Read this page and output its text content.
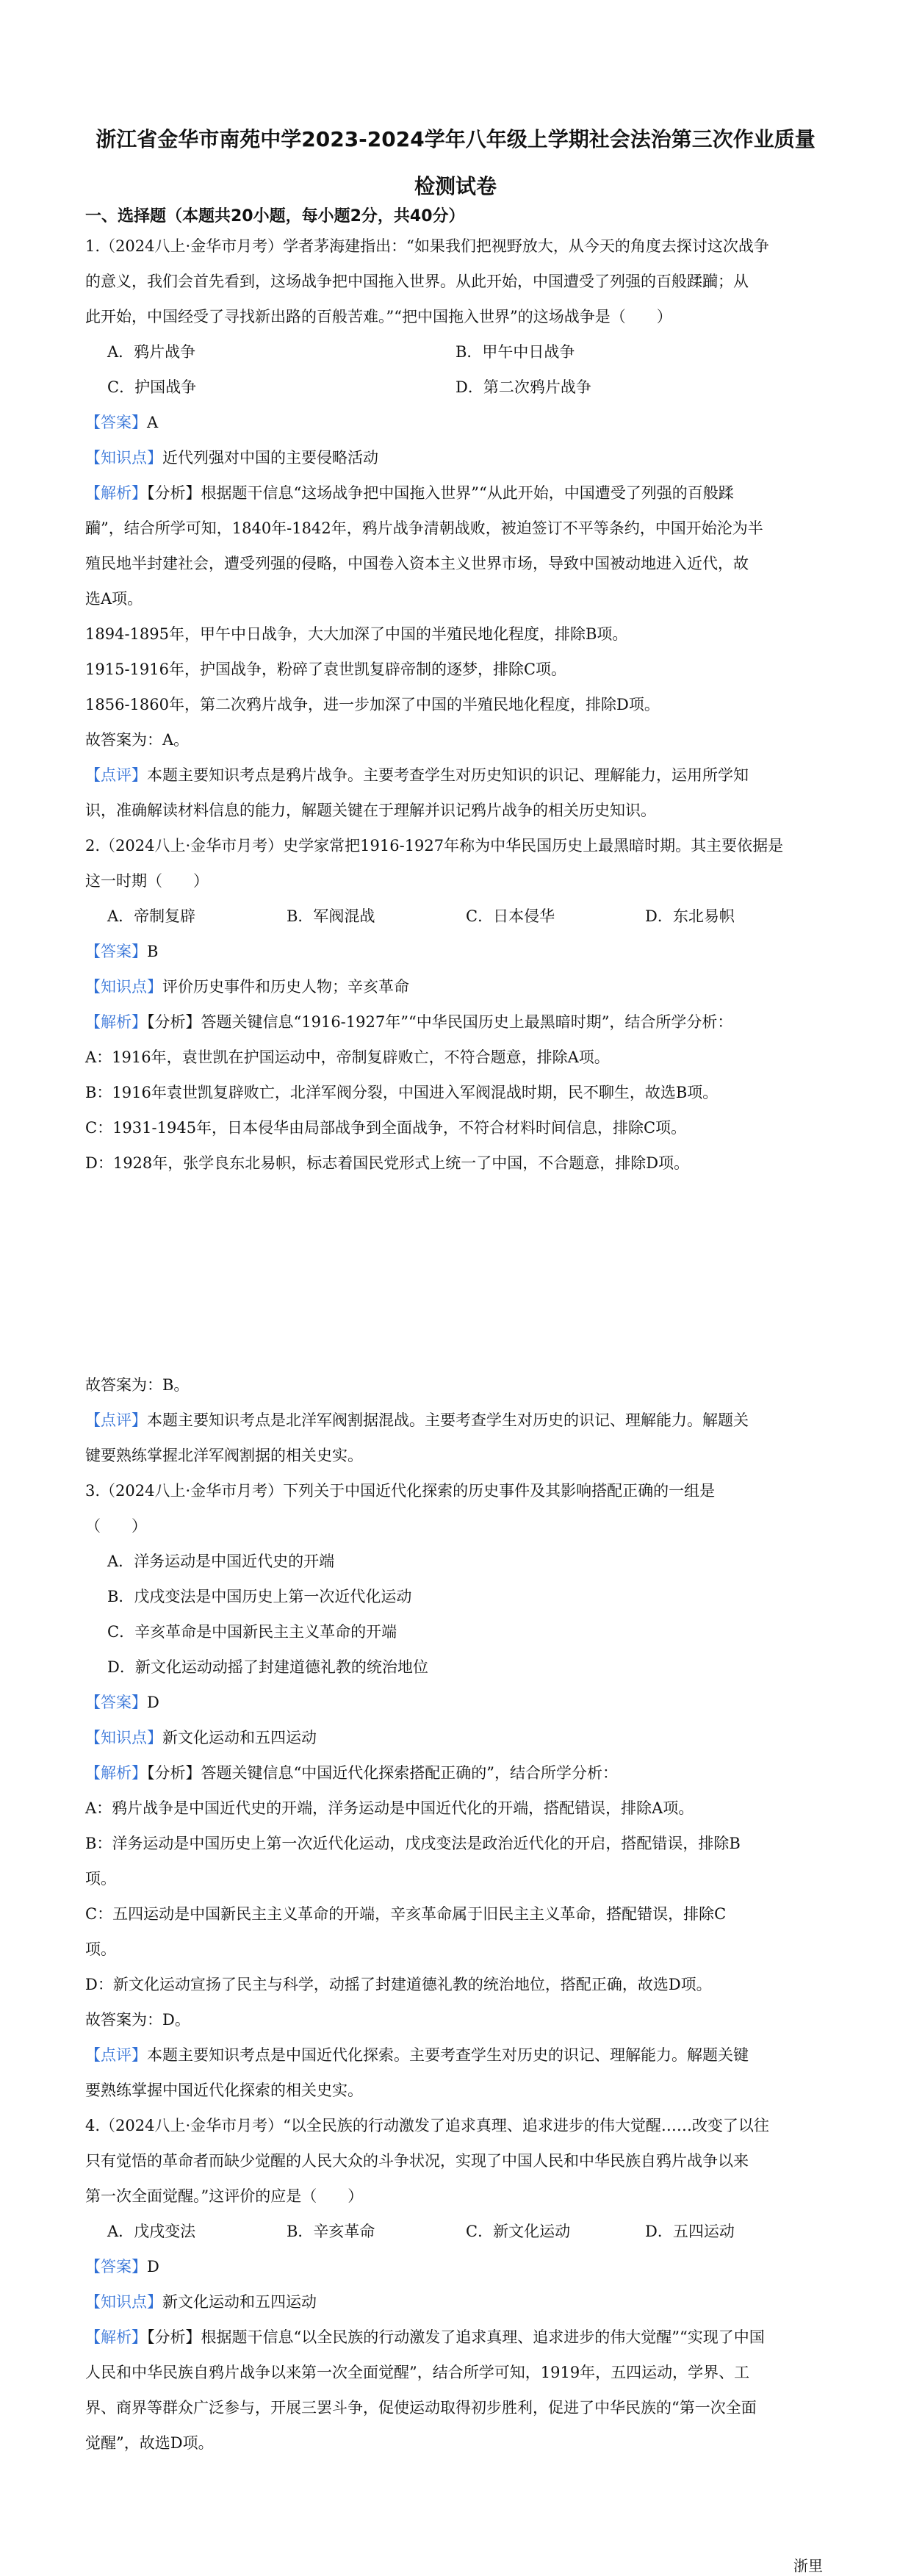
浙江省金华市南苑中学2023-2024学年八年级上学期社会法治第三次作业质量
检测试卷
一、选择题（本题共20小题，每小题2分，共40分）
1.（2024八上·金华市月考）学者茅海建指出：“如果我们把视野放大，从今天的角度去探讨这次战争
的意义，我们会首先看到，这场战争把中国拖入世界。从此开始，中国遭受了列强的百般蹂躏；从
此开始，中国经受了寻找新出路的百般苦难。”“把中国拖入世界”的这场战争是（　　）
A．鸦片战争	B．甲午中日战争
C．护国战争	D．第二次鸦片战争
【答案】A
【知识点】近代列强对中国的主要侵略活动
【解析】【分析】根据题干信息“这场战争把中国拖入世界”“从此开始，中国遭受了列强的百般蹂
躏”，结合所学可知，1840年-1842年，鸦片战争清朝战败，被迫签订不平等条约，中国开始沦为半
殖民地半封建社会，遭受列强的侵略，中国卷入资本主义世界市场，导致中国被动地进入近代，故
选A项。
1894-1895年，甲午中日战争，大大加深了中国的半殖民地化程度，排除B项。
1915-1916年，护国战争，粉碎了袁世凯复辟帝制的逐梦，排除C项。
1856-1860年，第二次鸦片战争，进一步加深了中国的半殖民地化程度，排除D项。
故答案为：A。
【点评】本题主要知识考点是鸦片战争。主要考查学生对历史知识的识记、理解能力，运用所学知
识，准确解读材料信息的能力，解题关键在于理解并识记鸦片战争的相关历史知识。
2.（2024八上·金华市月考）史学家常把1916-1927年称为中华民国历史上最黑暗时期。其主要依据是
这一时期（　　）
A．帝制复辟	B．军阀混战	C．日本侵华	D．东北易帜
【答案】B
【知识点】评价历史事件和历史人物；辛亥革命
【解析】【分析】答题关键信息“1916-1927年”“中华民国历史上最黑暗时期”，结合所学分析：
A：1916年，袁世凯在护国运动中，帝制复辟败亡，不符合题意，排除A项。
B：1916年袁世凯复辟败亡，北洋军阀分裂，中国进入军阀混战时期，民不聊生，故选B项。
C：1931-1945年，日本侵华由局部战争到全面战争，不符合材料时间信息，排除C项。
D：1928年，张学良东北易帜，标志着国民党形式上统一了中国，不合题意，排除D项。
故答案为：B。
【点评】本题主要知识考点是北洋军阀割据混战。主要考查学生对历史的识记、理解能力。解题关
键要熟练掌握北洋军阀割据的相关史实。
3.（2024八上·金华市月考）下列关于中国近代化探索的历史事件及其影响搭配正确的一组是
（　　）
A．洋务运动是中国近代史的开端
B．戊戌变法是中国历史上第一次近代化运动
C．辛亥革命是中国新民主主义革命的开端
D．新文化运动动摇了封建道德礼教的统治地位
【答案】D
【知识点】新文化运动和五四运动
【解析】【分析】答题关键信息“中国近代化探索搭配正确的”，结合所学分析：
A：鸦片战争是中国近代史的开端，洋务运动是中国近代化的开端，搭配错误，排除A项。
B：洋务运动是中国历史上第一次近代化运动，戊戌变法是政治近代化的开启，搭配错误，排除B
项。
C：五四运动是中国新民主主义革命的开端，辛亥革命属于旧民主主义革命，搭配错误，排除C
项。
D：新文化运动宣扬了民主与科学，动摇了封建道德礼教的统治地位，搭配正确，故选D项。
故答案为：D。
【点评】本题主要知识考点是中国近代化探索。主要考查学生对历史的识记、理解能力。解题关键
要熟练掌握中国近代化探索的相关史实。
4.（2024八上·金华市月考）“以全民族的行动激发了追求真理、追求进步的伟大觉醒……改变了以往
只有觉悟的革命者而缺少觉醒的人民大众的斗争状况，实现了中国人民和中华民族自鸦片战争以来
第一次全面觉醒。”这评价的应是（　　）
A．戊戌变法	B．辛亥革命	C．新文化运动	D．五四运动
【答案】D
【知识点】新文化运动和五四运动
【解析】【分析】根据题干信息“以全民族的行动激发了追求真理、追求进步的伟大觉醒”“实现了中国
人民和中华民族自鸦片战争以来第一次全面觉醒”，结合所学可知，1919年，五四运动，学界、工
界、商界等群众广泛参与，开展三罢斗争，促使运动取得初步胜利，促进了中华民族的“第一次全面
觉醒”，故选D项。
浙里
